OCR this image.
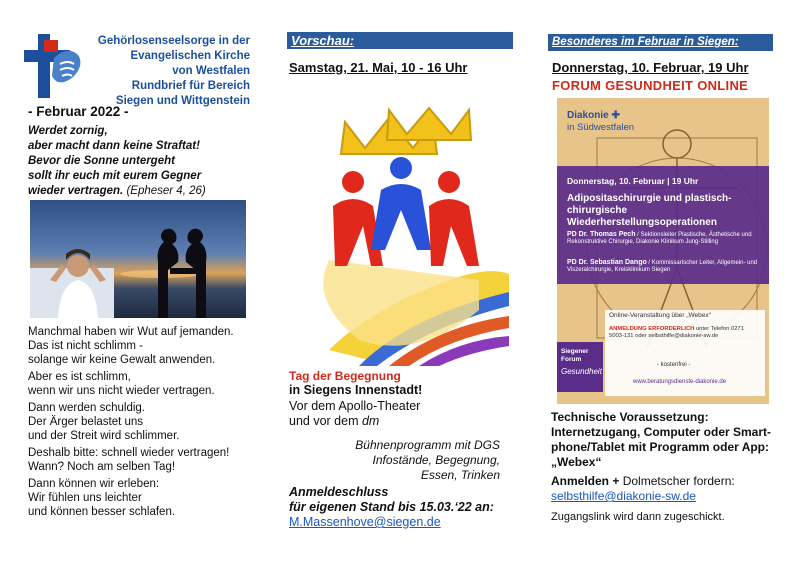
Gehörlosenseelsorge in der
Evangelischen Kirche
von Westfalen
Rundbrief für Bereich
Siegen und Wittgenstein
- Februar 2022 -
Werdet zornig,
aber macht dann keine Straftat!
Bevor die Sonne untergeht
sollt ihr euch mit eurem Gegner
wieder vertragen. (Epheser 4, 26)

Manchmal haben wir Wut auf jemanden.
Das ist nicht schlimm -
solange wir keine Gewalt anwenden.

Aber es ist schlimm,
wenn wir uns nicht wieder vertragen.

Dann werden schuldig.
Der Ärger belastet uns
und der Streit wird schlimmer.

Deshalb bitte: schnell wieder vertragen!
Wann? Noch am selben Tag!

Dann können wir erleben:
Wir fühlen uns leichter
und können besser schlafen.

Vorschau:
Samstag, 21. Mai, 10 - 16 Uhr
Tag der Begegnung
in Siegens Innenstadt!
Vor dem Apollo-Theater
und vor dem dm
Bühnenprogramm mit DGS
Infostände, Begegnung,
Essen, Trinken
Anmeldeschluss
für eigenen Stand bis 15.03.‘22 an:
M.Massenhove@siegen.de
Besonderes im Februar in Siegen:
Donnerstag, 10. Februar, 19 Uhr
FORUM GESUNDHEIT ONLINE
Diakonie ✚
in Südwestfalen
Donnerstag, 10. Februar | 19 Uhr
Adipositaschirurgie und plastisch-chirurgische Wiederherstellungsoperationen
PD Dr. Thomas Pech / Sektionsleiter Plastische, Ästhetische und Rekonstruktive Chirurgie, Diakonie Klinikum Jung-Stilling
PD Dr. Sebastian Dango / Kommissarischer Leiter, Allgemein- und Viszeralchirurgie, Kreisklinikum Siegen
Online-Veranstaltung über „Webex“
ANMELDUNG ERFORDERLICH unter Telefon 0271 5003-131 oder selbsthilfe@diakonie-sw.de
- kostenfrei -
www.beratungsdienste-diakonie.de
Siegener Forum
Gesundheit
Technische Voraussetzung: Internetzugang, Computer oder Smart-phone/Tablet mit Programm oder App: „Webex“
Anmelden + Dolmetscher fordern:
selbsthilfe@diakonie-sw.de
Zugangslink wird dann zugeschickt.
